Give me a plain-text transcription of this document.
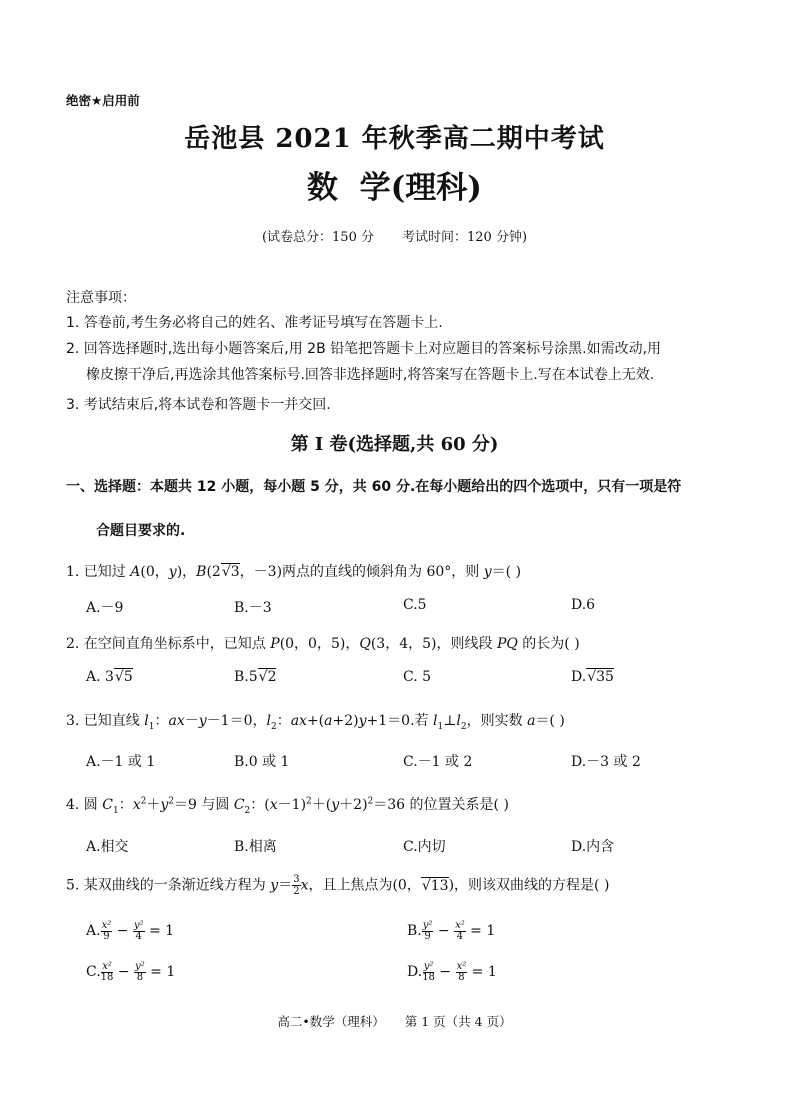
绝密★启用前
岳池县 2021 年秋季高二期中考试
数  学(理科)
(试卷总分：150 分 考试时间：120 分钟)
注意事项：
1. 答卷前,考生务必将自己的姓名、准考证号填写在答题卡上.
2. 回答选择题时,选出每小题答案后,用 2B 铅笔把答题卡上对应题目的答案标号涂黑.如需改动,用
橡皮擦干净后,再选涂其他答案标号.回答非选择题时,将答案写在答题卡上.写在本试卷上无效.
3. 考试结束后,将本试卷和答题卡一并交回.
第 I 卷(选择题,共 60 分)
一、选择题：本题共 12 小题，每小题 5 分，共 60 分.在每小题给出的四个选项中，只有一项是符
合题目要求的.
1. 已知过 A(0，y)，B(2√3，－3)两点的直线的倾斜角为 60°，则 y＝( )
A.－9	B.－3	C.5	D.6
2. 在空间直角坐标系中，已知点 P(0，0，5)，Q(3，4，5)，则线段 PQ 的长为( )
A. 3√5	B.5√2	C. 5	D.√35
3. 已知直线 $l_1$：ax－y－1＝0，$l_2$：ax+(a+2)y+1＝0.若 $l_1\perp l_2$，则实数 a＝( )
A.－1 或 1	B.0 或 1	C.－1 或 2	D.－3 或 2
4. 圆 $C_1$：$x^2+y^2=9$ 与圆 $C_2$：$(x-1)^2+(y+2)^2=36$ 的位置关系是( )
A.相交	B.相离	C.内切	D.内含
5. 某双曲线的一条渐近线方程为 $y= \frac{3}{2}$ x，且上焦点为(0，√13)，则该双曲线的方程是( )
$A.\frac{\text{x²}}{9} - \frac{\text{y²}}{4} = 1$	$B.\frac{\text{y²}}{9} - \frac{\text{x²}}{4} = 1$
$C.\frac{\text{x²}}{18} - \frac{\text{y²}}{8} = 1$	$D.\frac{\text{y²}}{18} - \frac{\text{x²}}{8} = 1$
高二•数学（理科） 第 1 页（共 4 页）
